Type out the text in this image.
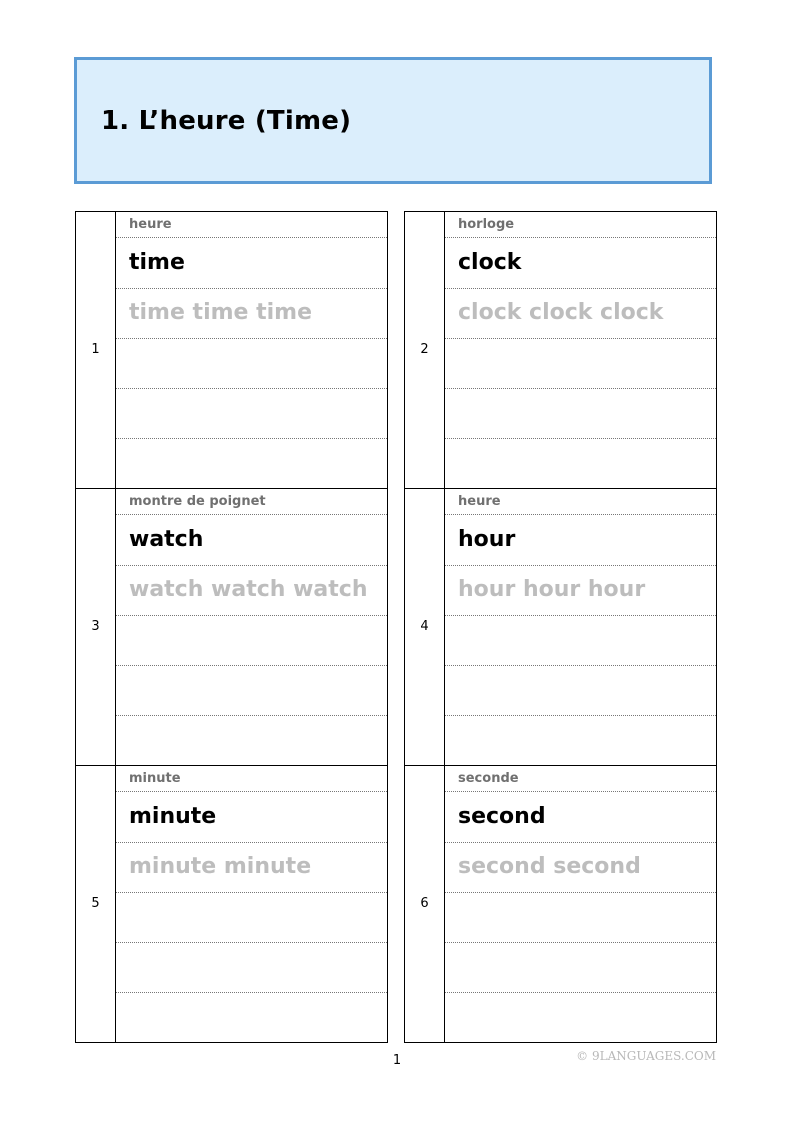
1. L’heure (Time)
1
heure
time
time time time
2
horloge
clock
clock clock clock
3
montre de poignet
watch
watch watch watch
4
heure
hour
hour hour hour
5
minute
minute
minute minute
6
seconde
second
second second
1	© 9LANGUAGES.COM
